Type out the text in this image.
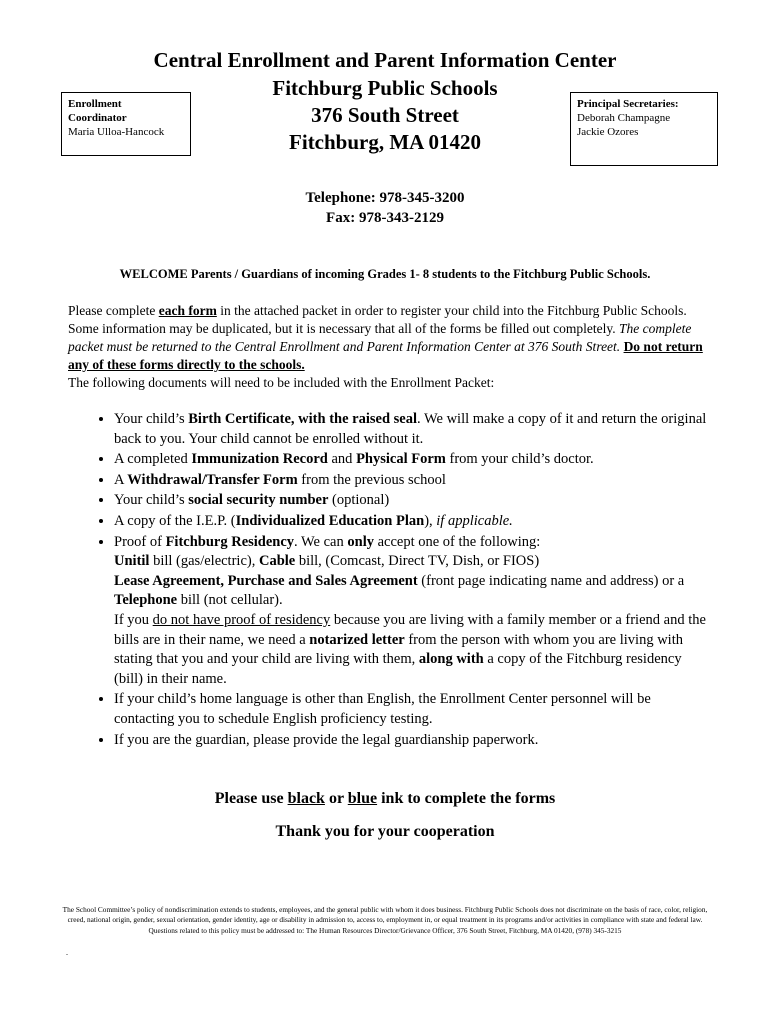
Central Enrollment and Parent Information Center
Fitchburg Public Schools
376 South Street
Fitchburg, MA 01420
Enrollment
Coordinator
Maria Ulloa-Hancock
Principal Secretaries:
Deborah Champagne
Jackie Ozores
Telephone: 978-345-3200
Fax: 978-343-2129
WELCOME Parents / Guardians of incoming Grades 1- 8 students to the Fitchburg Public Schools.
Please complete each form in the attached packet in order to register your child into the Fitchburg Public Schools. Some information may be duplicated, but it is necessary that all of the forms be filled out completely. The complete packet must be returned to the Central Enrollment and Parent Information Center at 376 South Street. Do not return any of these forms directly to the schools.
The following documents will need to be included with the Enrollment Packet:
• Your child’s Birth Certificate, with the raised seal. We will make a copy of it and return the original back to you. Your child cannot be enrolled without it.
• A completed Immunization Record and Physical Form from your child’s doctor.
• A Withdrawal/Transfer Form from the previous school
• Your child’s social security number (optional)
• A copy of the I.E.P. (Individualized Education Plan), if applicable.
• Proof of Fitchburg Residency. We can only accept one of the following:
Unitil bill (gas/electric), Cable bill, (Comcast, Direct TV, Dish, or FIOS)
Lease Agreement, Purchase and Sales Agreement (front page indicating name and address) or a Telephone bill (not cellular).
If you do not have proof of residency because you are living with a family member or a friend and the bills are in their name, we need a notarized letter from the person with whom you are living with stating that you and your child are living with them, along with a copy of the Fitchburg residency (bill) in their name.
• If your child’s home language is other than English, the Enrollment Center personnel will be contacting you to schedule English proficiency testing.
• If you are the guardian, please provide the legal guardianship paperwork.
Please use black or blue ink to complete the forms
Thank you for your cooperation
The School Committee’s policy of nondiscrimination extends to students, employees, and the general public with whom it does business. Fitchburg Public Schools does not discriminate on the basis of race, color, religion, creed, national origin, gender, sexual orientation, gender identity, age or disability in admission to, access to, employment in, or equal treatment in its programs and/or activities in compliance with state and federal law. Questions related to this policy must be addressed to: The Human Resources Director/Grievance Officer, 376 South Street, Fitchburg, MA 01420, (978) 345-3215
.
